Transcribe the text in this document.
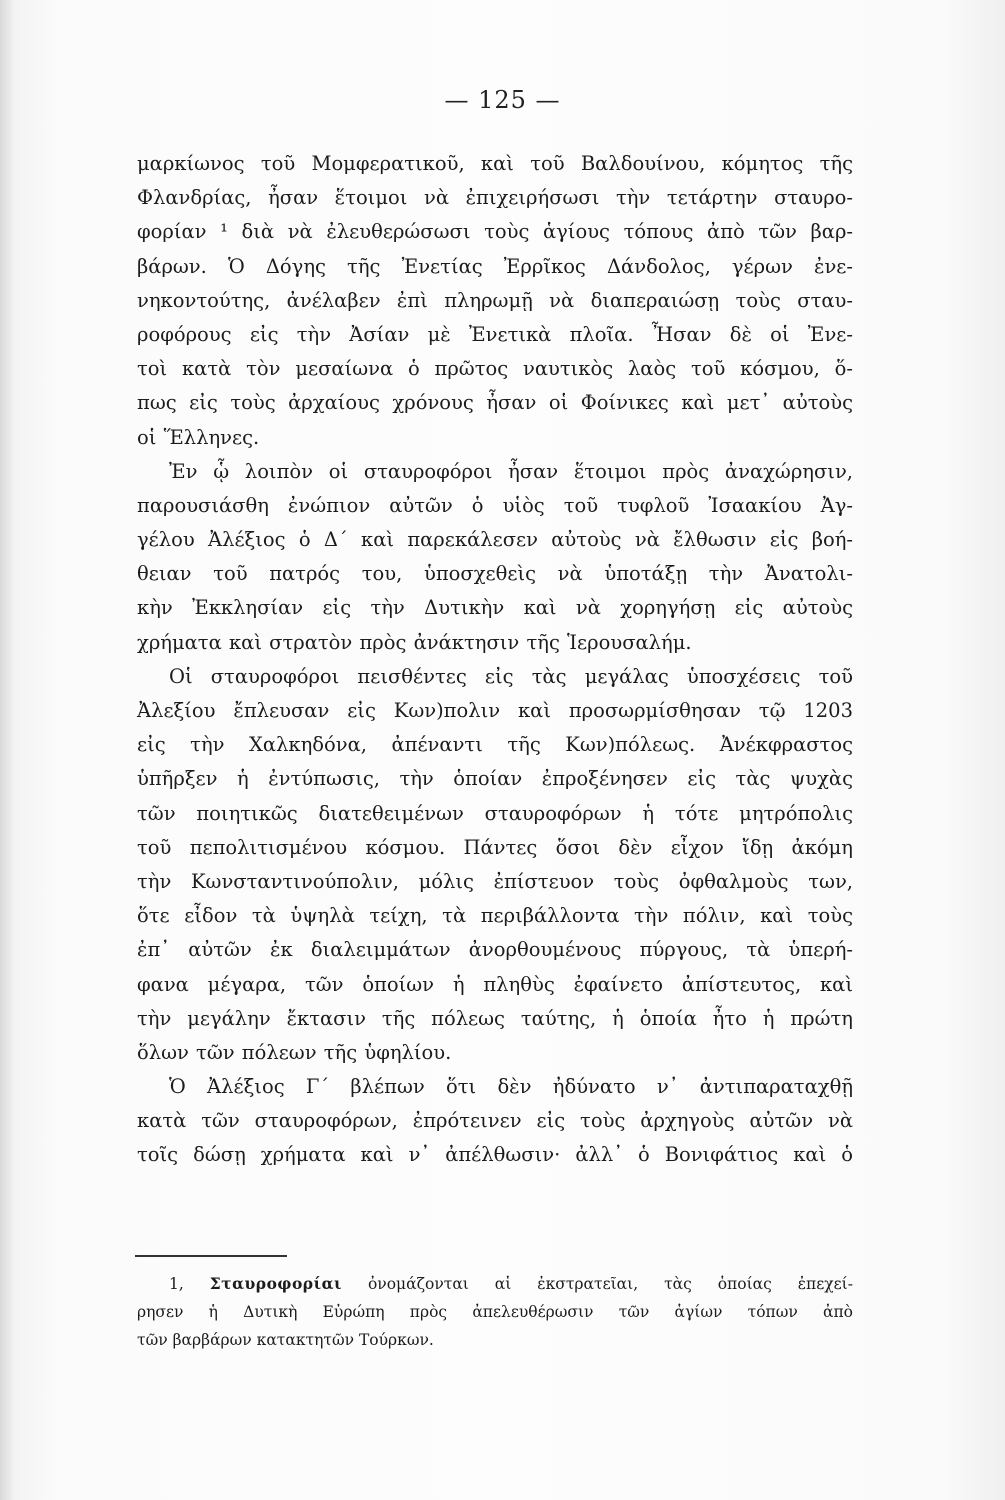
— 125 —
μαρκίωνος τοῦ Μομφερατικοῦ, καὶ τοῦ Βαλδουίνου, κόμητος τῆς
Φλανδρίας, ἦσαν ἕτοιμοι νὰ ἐπιχειρήσωσι τὴν τετάρτην σταυρο-
φορίαν ¹ διὰ νὰ ἐλευθερώσωσι τοὺς ἁγίους τόπους ἀπὸ τῶν βαρ-
βάρων. Ὁ Δόγης τῆς Ἐνετίας Ἐρρῖκος Δάνδολος, γέρων ἐνε-
νηκοντούτης, ἀνέλαβεν ἐπὶ πληρωμῇ νὰ διαπεραιώσῃ τοὺς σταυ-
ροφόρους εἰς τὴν Ἀσίαν μὲ Ἐνετικὰ πλοῖα. Ἦσαν δὲ οἱ Ἐνε-
τοὶ κατὰ τὸν μεσαίωνα ὁ πρῶτος ναυτικὸς λαὸς τοῦ κόσμου, ὅ-
πως εἰς τοὺς ἀρχαίους χρόνους ἦσαν οἱ Φοίνικες καὶ μετ᾽ αὐτοὺς
οἱ Ἕλληνες.
Ἐν ᾧ λοιπὸν οἱ σταυροφόροι ἦσαν ἕτοιμοι πρὸς ἀναχώρησιν,
παρουσιάσθη ἐνώπιον αὐτῶν ὁ υἱὸς τοῦ τυφλοῦ Ἰσαακίου Ἀγ-
γέλου Ἀλέξιος ὁ Δ´ καὶ παρεκάλεσεν αὐτοὺς νὰ ἔλθωσιν εἰς βοή-
θειαν τοῦ πατρός του, ὑποσχεθεὶς νὰ ὑποτάξῃ τὴν Ἀνατολι-
κὴν Ἐκκλησίαν εἰς τὴν Δυτικὴν καὶ νὰ χορηγήσῃ εἰς αὐτοὺς
χρήματα καὶ στρατὸν πρὸς ἀνάκτησιν τῆς Ἱερουσαλήμ.
Οἱ σταυροφόροι πεισθέντες εἰς τὰς μεγάλας ὑποσχέσεις τοῦ
Ἀλεξίου ἔπλευσαν εἰς Κων)πολιν καὶ προσωρμίσθησαν τῷ 1203
εἰς τὴν Χαλκηδόνα, ἀπέναντι τῆς Κων)πόλεως. Ἀνέκφραστος
ὑπῆρξεν ἡ ἐντύπωσις, τὴν ὁποίαν ἐπροξένησεν εἰς τὰς ψυχὰς
τῶν ποιητικῶς διατεθειμένων σταυροφόρων ἡ τότε μητρόπολις
τοῦ πεπολιτισμένου κόσμου. Πάντες ὅσοι δὲν εἶχον ἴδῃ ἀκόμη
τὴν Κωνσταντινούπολιν, μόλις ἐπίστευον τοὺς ὀφθαλμοὺς των,
ὅτε εἶδον τὰ ὑψηλὰ τείχη, τὰ περιβάλλοντα τὴν πόλιν, καὶ τοὺς
ἐπ᾽ αὐτῶν ἐκ διαλειμμάτων ἀνορθουμένους πύργους, τὰ ὑπερή-
φανα μέγαρα, τῶν ὁποίων ἡ πληθὺς ἐφαίνετο ἀπίστευτος, καὶ
τὴν μεγάλην ἔκτασιν τῆς πόλεως ταύτης, ἡ ὁποία ἦτο ἡ πρώτη
ὅλων τῶν πόλεων τῆς ὑφηλίου.
Ὁ Ἀλέξιος Γ´ βλέπων ὅτι δὲν ἠδύνατο ν᾽ ἀντιπαραταχθῇ
κατὰ τῶν σταυροφόρων, ἐπρότεινεν εἰς τοὺς ἀρχηγοὺς αὐτῶν νὰ
τοῖς δώσῃ χρήματα καὶ ν᾽ ἀπέλθωσιν· ἀλλ᾽ ὁ Βονιφάτιος καὶ ὁ
1, Σταυροφορίαι ὀνομάζονται αἱ ἐκστρατεῖαι, τὰς ὁποίας ἐπεχεί-
ρησεν ἡ Δυτικὴ Εὐρώπη πρὸς ἀπελευθέρωσιν τῶν ἁγίων τόπων ἀπὸ
τῶν βαρβάρων κατακτητῶν Τούρκων.
